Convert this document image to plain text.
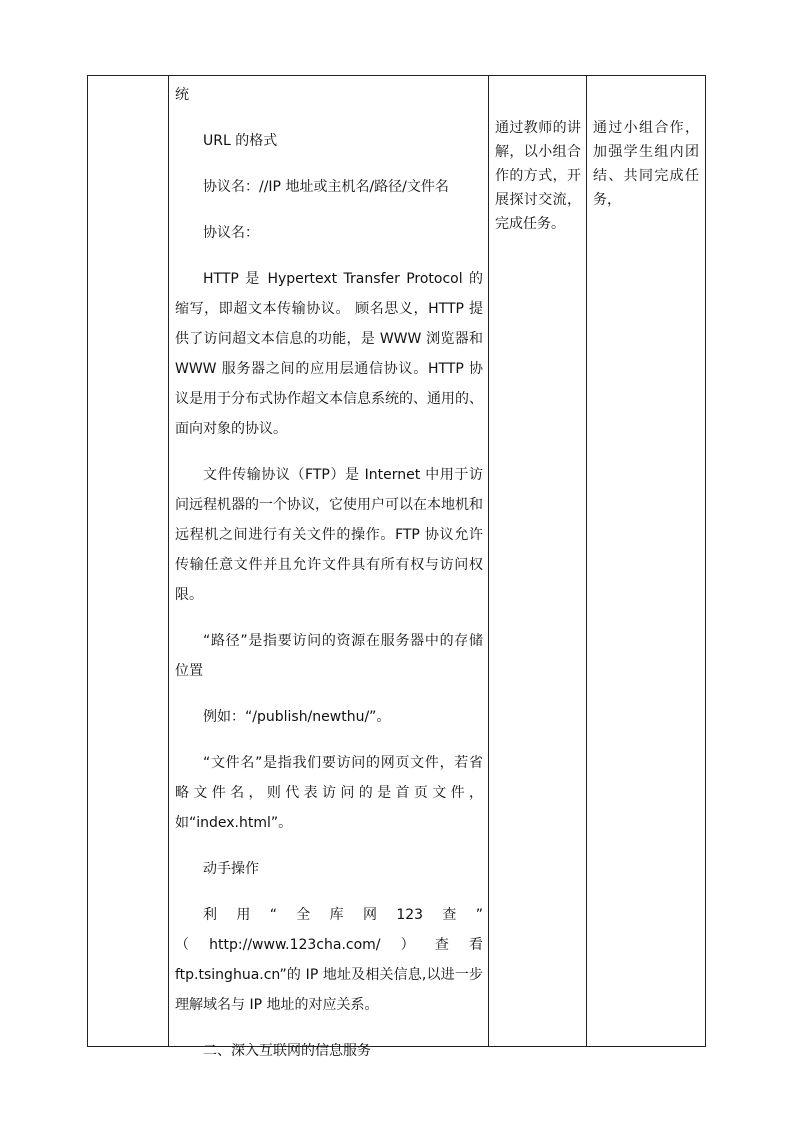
统

URL 的格式

协议名：//IP 地址或主机名/路径/文件名

协议名：

HTTP 是 Hypertext Transfer Protocol 的缩写，即超文本传输协议。 顾名思义，HTTP 提供了访问超文本信息的功能，是 WWW 浏览器和 WWW 服务器之间的应用层通信协议。HTTP 协议是用于分布式协作超文本信息系统的、通用的、面向对象的协议。

文件传输协议（FTP）是 Internet 中用于访问远程机器的一个协议，它使用户可以在本地机和远程机之间进行有关文件的操作。FTP 协议允许传输任意文件并且允许文件具有所有权与访问权限。

“路径”是指要访问的资源在服务器中的存储位置

例如：“/publish/newthu/”。

“文件名”是指我们要访问的网页文件，若省略文件名，则代表访问的是首页文件，如“index.html”。

动手操作

利　用　“　全　库　网　123　查　”

（http://www.123cha.com/）查看 ftp.tsinghua.cn”的 IP 地址及相关信息,以进一步理解域名与 IP 地址的对应关系。

二、深入互联网的信息服务

通过教师的讲解，以小组合作的方式，开展探讨交流，完成任务。

通过小组合作，加强学生组内团结、共同完成任务，
